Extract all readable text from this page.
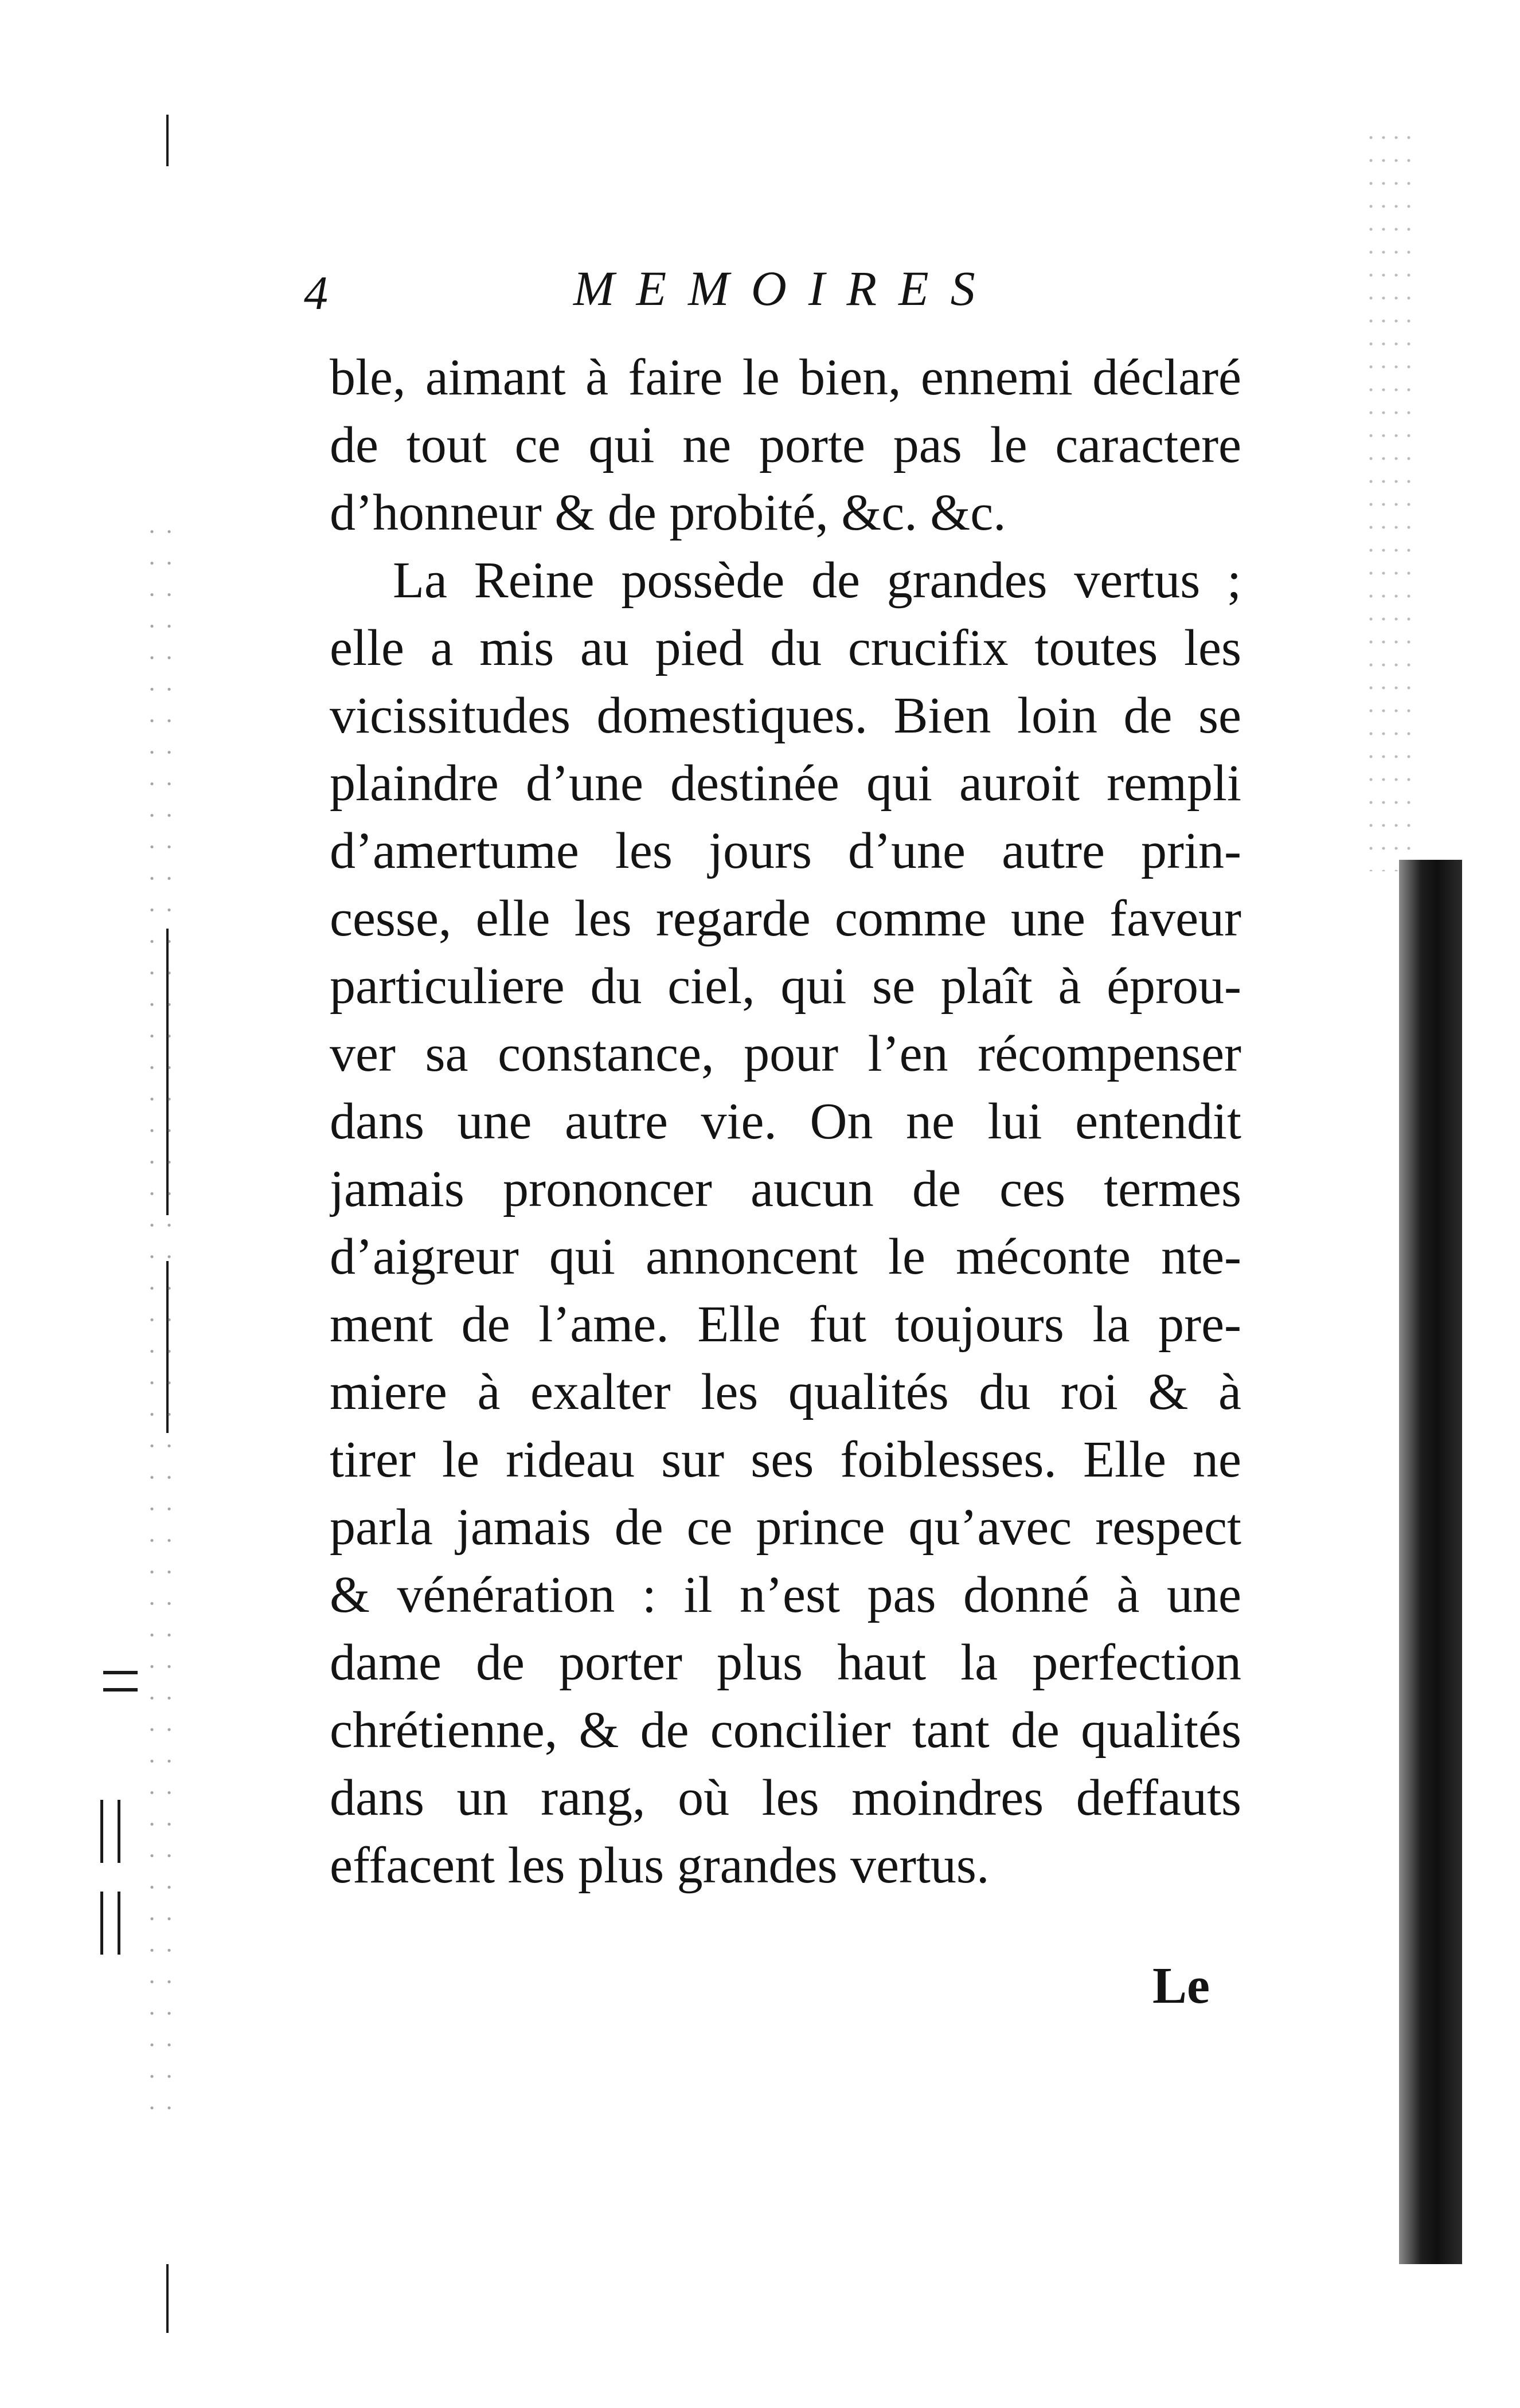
4	MEMOIRES
ble, aimant à faire le bien, ennemi déclaré
de tout ce qui ne porte pas le caractere
d’honneur & de probité, &c. &c.
La Reine possède de grandes vertus ;
elle a mis au pied du crucifix toutes les
vicissitudes domestiques. Bien loin de se
plaindre d’une destinée qui auroit rempli
d’amertume les jours d’une autre prin-
cesse, elle les regarde comme une faveur
particuliere du ciel, qui se plaît à éprou-
ver sa constance, pour l’en récompenser
dans une autre vie. On ne lui entendit
jamais prononcer aucun de ces termes
d’aigreur qui annoncent le méconte nte-
ment de l’ame. Elle fut toujours la pre-
miere à exalter les qualités du roi & à
tirer le rideau sur ses foiblesses. Elle ne
parla jamais de ce prince qu’avec respect
& vénération : il n’est pas donné à une
dame de porter plus haut la perfection
chrétienne, & de concilier tant de qualités
dans un rang, où les moindres deffauts
effacent les plus grandes vertus.
Le
